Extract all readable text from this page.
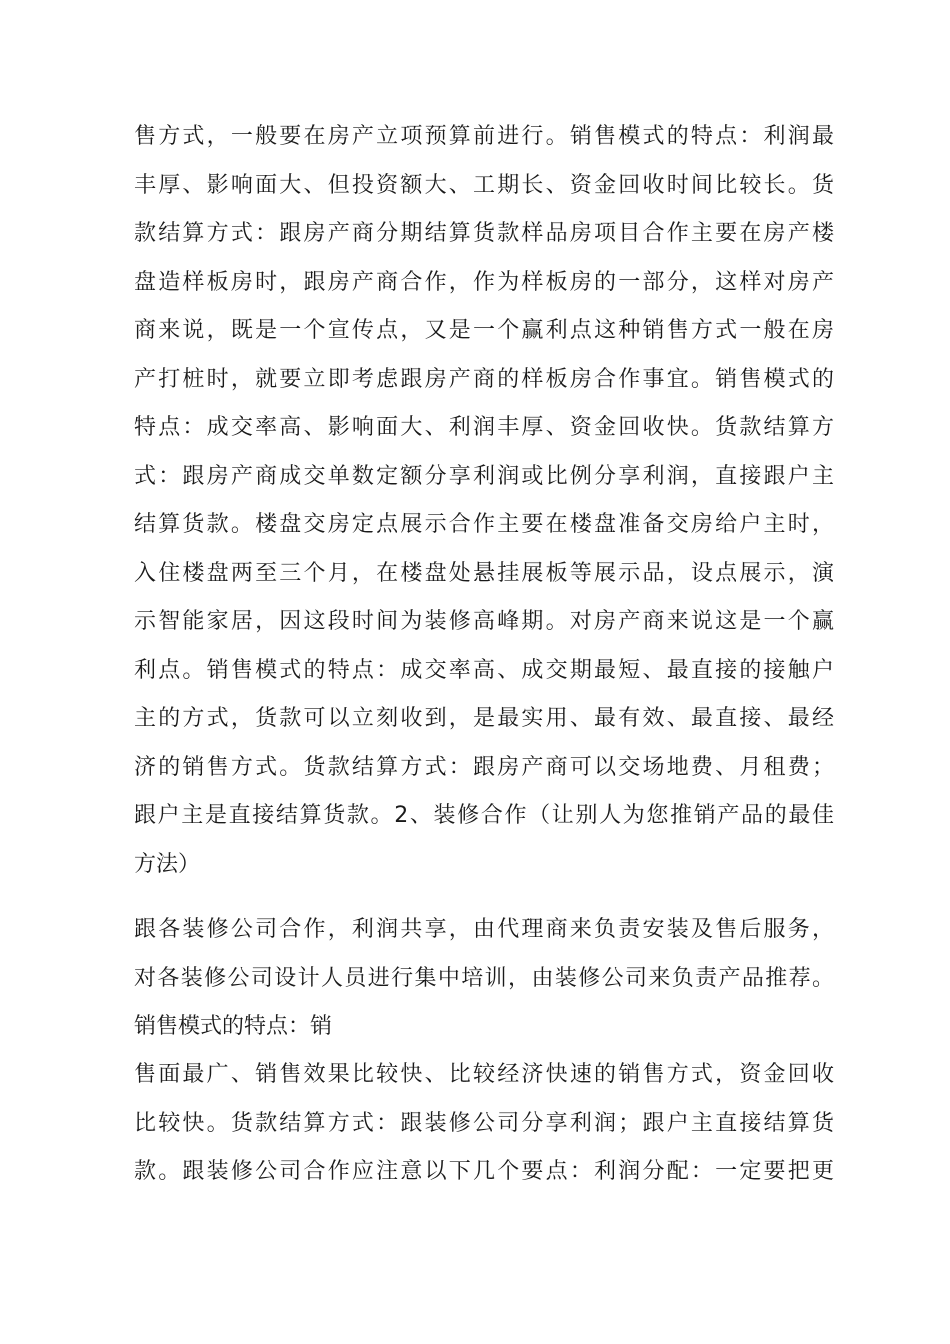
售方式，一般要在房产立项预算前进行。销售模式的特点：利润最
丰厚、影响面大、但投资额大、工期长、资金回收时间比较长。货
款结算方式：跟房产商分期结算货款样品房项目合作主要在房产楼
盘造样板房时，跟房产商合作，作为样板房的一部分，这样对房产
商来说，既是一个宣传点，又是一个赢利点这种销售方式一般在房
产打桩时，就要立即考虑跟房产商的样板房合作事宜。销售模式的
特点：成交率高、影响面大、利润丰厚、资金回收快。货款结算方
式：跟房产商成交单数定额分享利润或比例分享利润，直接跟户主
结算货款。楼盘交房定点展示合作主要在楼盘准备交房给户主时，
入住楼盘两至三个月，在楼盘处悬挂展板等展示品，设点展示，演
示智能家居，因这段时间为装修高峰期。对房产商来说这是一个赢
利点。销售模式的特点：成交率高、成交期最短、最直接的接触户
主的方式，货款可以立刻收到，是最实用、最有效、最直接、最经
济的销售方式。货款结算方式：跟房产商可以交场地费、月租费；
跟户主是直接结算货款。2、装修合作（让别人为您推销产品的最佳
方法）
跟各装修公司合作，利润共享，由代理商来负责安装及售后服务，
对各装修公司设计人员进行集中培训，由装修公司来负责产品推荐。
销售模式的特点：销
售面最广、销售效果比较快、比较经济快速的销售方式，资金回收
比较快。货款结算方式：跟装修公司分享利润；跟户主直接结算货
款。跟装修公司合作应注意以下几个要点：利润分配：一定要把更
